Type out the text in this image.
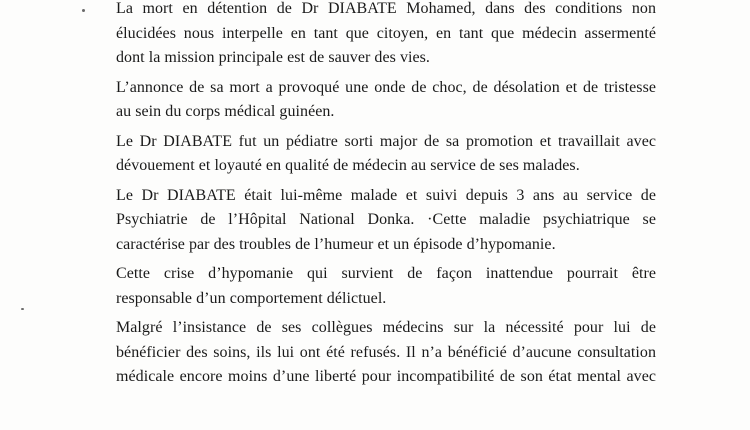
La mort en détention de Dr DIABATE Mohamed, dans des conditions non
élucidées nous interpelle en tant que citoyen, en tant que médecin assermenté
dont la mission principale est de sauver des vies.

L’annonce de sa mort a provoqué une onde de choc, de désolation et de tristesse
au sein du corps médical guinéen.

Le Dr DIABATE fut un pédiatre sorti major de sa promotion et travaillait avec
dévouement et loyauté en qualité de médecin au service de ses malades.

Le Dr DIABATE était lui-même malade et suivi depuis 3 ans au service de
Psychiatrie de l’Hôpital National Donka. ·Cette maladie psychiatrique se
caractérise par des troubles de l’humeur et un épisode d’hypomanie.

Cette crise d’hypomanie qui survient de façon inattendue pourrait être
responsable d’un comportement délictuel.

Malgré l’insistance de ses collègues médecins sur la nécessité pour lui de
bénéficier des soins, ils lui ont été refusés. Il n’a bénéficié d’aucune consultation
médicale encore moins d’une liberté pour incompatibilité de son état mental avec
